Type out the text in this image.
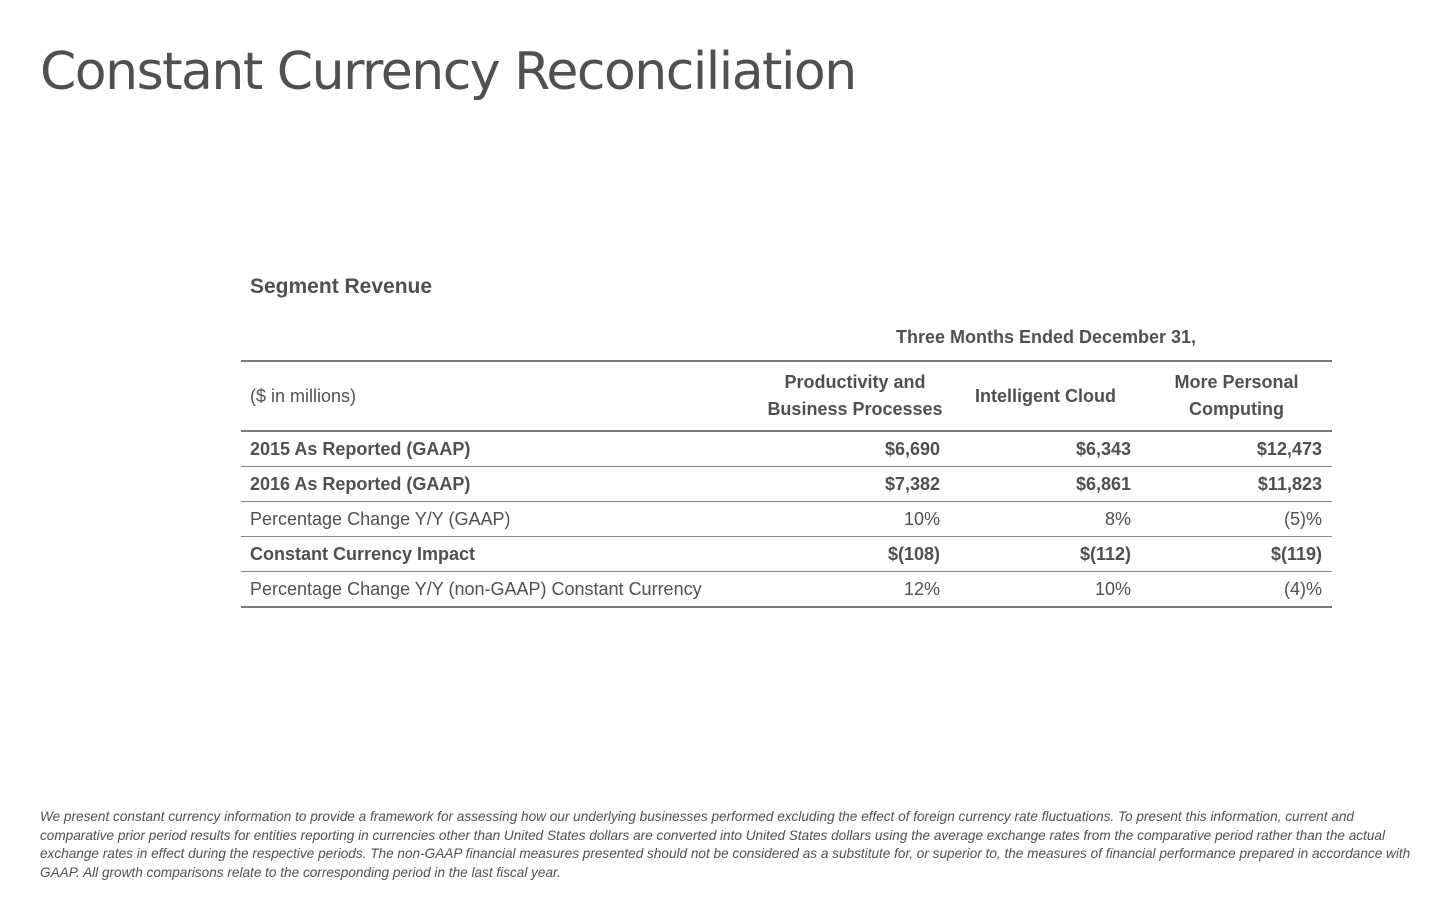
Constant Currency Reconciliation
Segment Revenue
Three Months Ended December 31,
($ in millions)	Productivity and Business Processes	Intelligent Cloud	More Personal Computing
2015 As Reported (GAAP)	$6,690	$6,343	$12,473
2016 As Reported (GAAP)	$7,382	$6,861	$11,823
Percentage Change Y/Y (GAAP)	10%	8%	(5)%
Constant Currency Impact	$(108)	$(112)	$(119)
Percentage Change Y/Y (non-GAAP) Constant Currency	12%	10%	(4)%

We present constant currency information to provide a framework for assessing how our underlying businesses performed excluding the effect of foreign currency rate fluctuations. To present this information, current and comparative prior period results for entities reporting in currencies other than United States dollars are converted into United States dollars using the average exchange rates from the comparative period rather than the actual exchange rates in effect during the respective periods. The non-GAAP financial measures presented should not be considered as a substitute for, or superior to, the measures of financial performance prepared in accordance with GAAP. All growth comparisons relate to the corresponding period in the last fiscal year.
